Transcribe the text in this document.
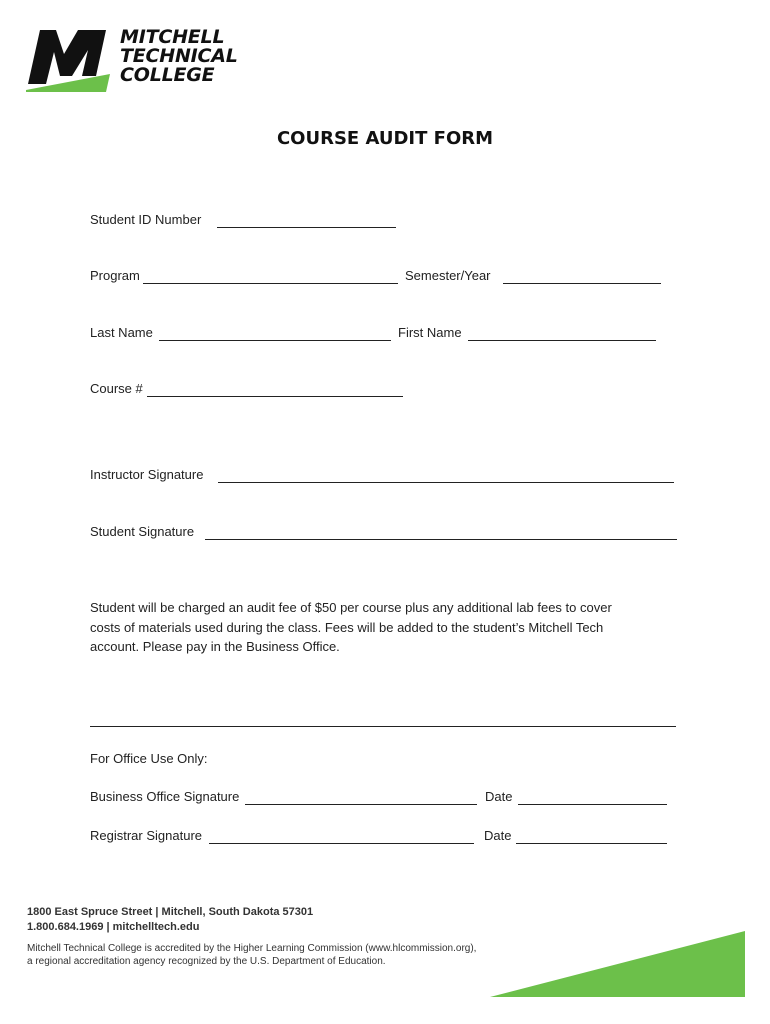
MITCHELL
TECHNICAL
COLLEGE
COURSE AUDIT FORM
Student ID Number
Program	Semester/Year
Last Name	First Name
Course #
Instructor Signature
Student Signature
Student will be charged an audit fee of $50 per course plus any additional lab fees to cover
costs of materials used during the class. Fees will be added to the student’s Mitchell Tech
account. Please pay in the Business Office.
For Office Use Only:
Business Office Signature	Date
Registrar Signature	Date
1800 East Spruce Street | Mitchell, South Dakota 57301
1.800.684.1969 | mitchelltech.edu
Mitchell Technical College is accredited by the Higher Learning Commission (www.hlcommission.org),
a regional accreditation agency recognized by the U.S. Department of Education.
